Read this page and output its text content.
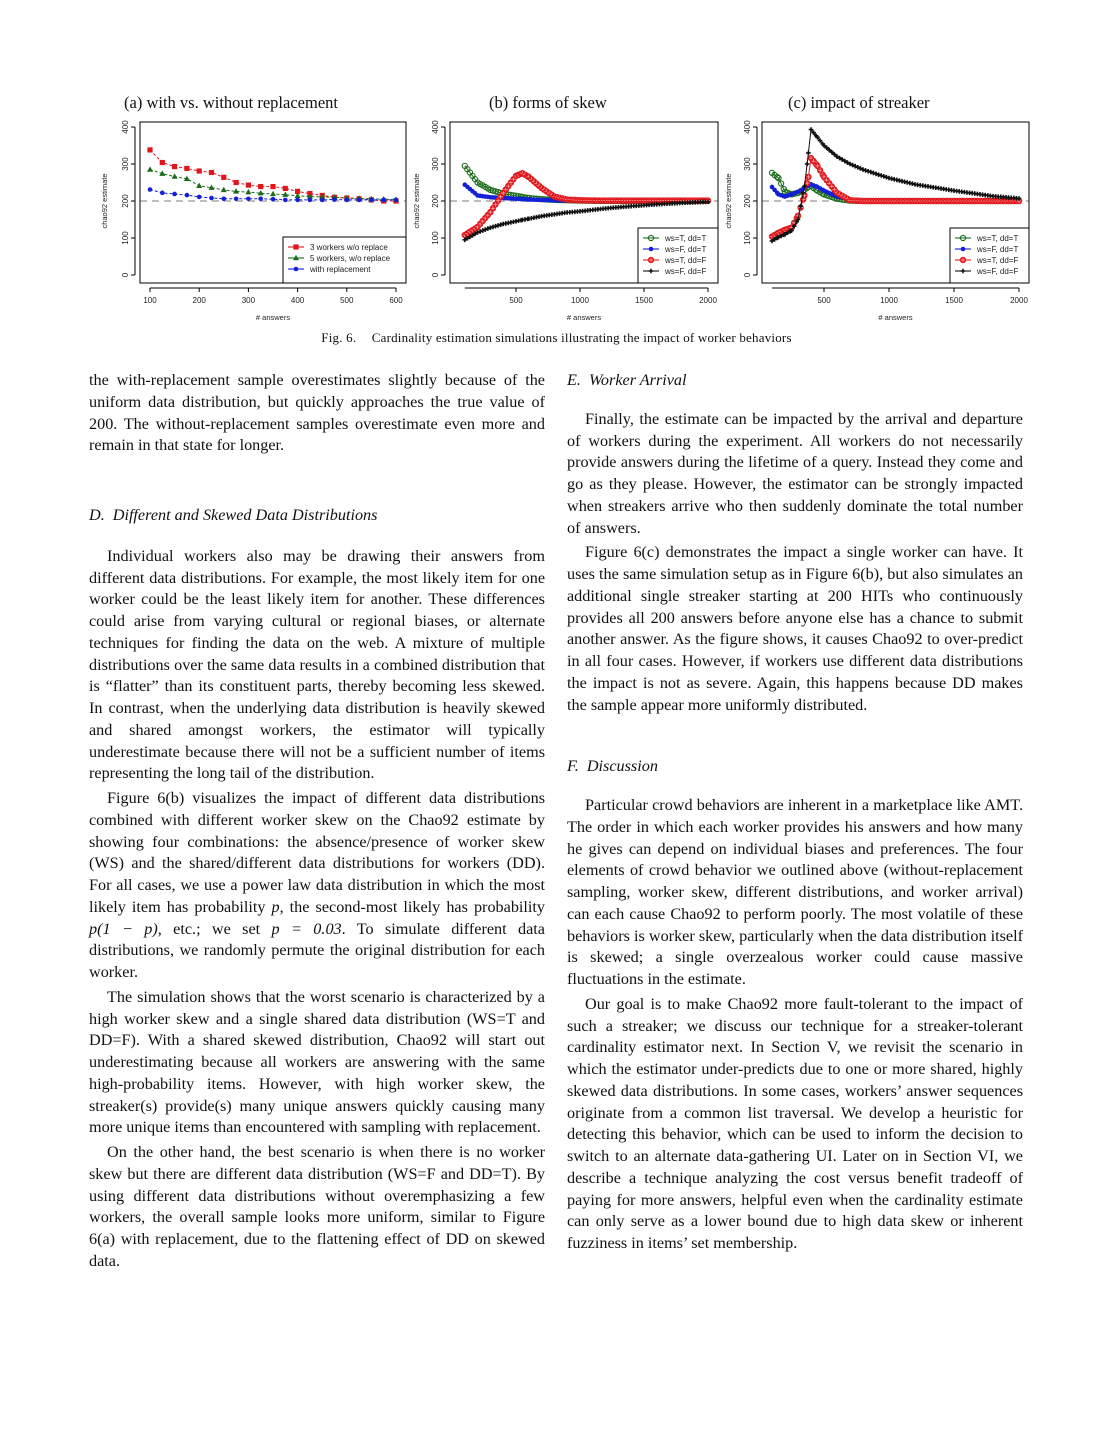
(a) with vs. without replacement	(b) forms of skew	(c) impact of streaker
0
100
200
300
400
chao92 estimate
100	200	300	400	500	600
# answers
3 workers w/o replace
5 workers, w/o replace
with replacement
0
100
200
300
400
chao92 estimate
500	1000	1500	2000
# answers
ws=T, dd=T
ws=F, dd=T
ws=T, dd=F
ws=F, dd=F	0
100
200
300
400
chao92 estimate
500	1000	1500	2000
# answers
ws=T, dd=T
ws=F, dd=T
ws=T, dd=F
ws=F, dd=F
Fig. 6. Cardinality estimation simulations illustrating the impact of worker behaviors

the with-replacement sample overestimates slightly because of the uniform data distribution, but quickly approaches the true value of 200. The without-replacement samples overestimate even more and remain in that state for longer.

D. Different and Skewed Data Distributions

Individual workers also may be drawing their answers from different data distributions. For example, the most likely item for one worker could be the least likely item for another. These differences could arise from varying cultural or regional biases, or alternate techniques for finding the data on the web. A mixture of multiple distributions over the same data results in a combined distribution that is “flatter” than its constituent parts, thereby becoming less skewed. In contrast, when the underlying data distribution is heavily skewed and shared amongst workers, the estimator will typically underestimate because there will not be a sufficient number of items representing the long tail of the distribution.

Figure 6(b) visualizes the impact of different data distributions combined with different worker skew on the Chao92 estimate by showing four combinations: the absence/presence of worker skew (WS) and the shared/different data distributions for workers (DD). For all cases, we use a power law data distribution in which the most likely item has probability p, the second-most likely has probability p(1 − p), etc.; we set p = 0.03. To simulate different data distributions, we randomly permute the original distribution for each worker.

The simulation shows that the worst scenario is characterized by a high worker skew and a single shared data distribution (WS=T and DD=F). With a shared skewed distribution, Chao92 will start out underestimating because all workers are answering with the same high-probability items. However, with high worker skew, the streaker(s) provide(s) many unique answers quickly causing many more unique items than encountered with sampling with replacement.

On the other hand, the best scenario is when there is no worker skew but there are different data distribution (WS=F and DD=T). By using different data distributions without overemphasizing a few workers, the overall sample looks more uniform, similar to Figure 6(a) with replacement, due to the flattening effect of DD on skewed data.

E. Worker Arrival

Finally, the estimate can be impacted by the arrival and departure of workers during the experiment. All workers do not necessarily provide answers during the lifetime of a query. Instead they come and go as they please. However, the estimator can be strongly impacted when streakers arrive who then suddenly dominate the total number of answers.

Figure 6(c) demonstrates the impact a single worker can have. It uses the same simulation setup as in Figure 6(b), but also simulates an additional single streaker starting at 200 HITs who continuously provides all 200 answers before anyone else has a chance to submit another answer. As the figure shows, it causes Chao92 to over-predict in all four cases. However, if workers use different data distributions the impact is not as severe. Again, this happens because DD makes the sample appear more uniformly distributed.

F. Discussion

Particular crowd behaviors are inherent in a marketplace like AMT. The order in which each worker provides his answers and how many he gives can depend on individual biases and preferences. The four elements of crowd behavior we outlined above (without-replacement sampling, worker skew, different distributions, and worker arrival) can each cause Chao92 to perform poorly. The most volatile of these behaviors is worker skew, particularly when the data distribution itself is skewed; a single overzealous worker could cause massive fluctuations in the estimate.

Our goal is to make Chao92 more fault-tolerant to the impact of such a streaker; we discuss our technique for a streaker-tolerant cardinality estimator next. In Section V, we revisit the scenario in which the estimator under-predicts due to one or more shared, highly skewed data distributions. In some cases, workers’ answer sequences originate from a common list traversal. We develop a heuristic for detecting this behavior, which can be used to inform the decision to switch to an alternate data-gathering UI. Later on in Section VI, we describe a technique analyzing the cost versus benefit tradeoff of paying for more answers, helpful even when the cardinality estimate can only serve as a lower bound due to high data skew or inherent fuzziness in items’ set membership.
